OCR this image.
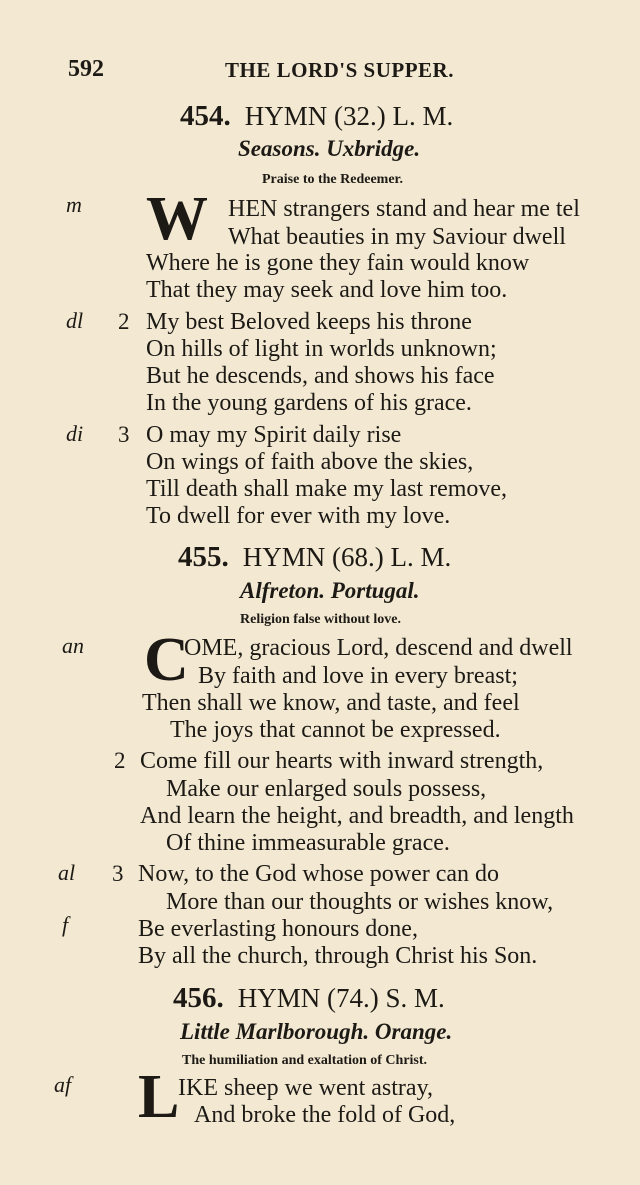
592	THE LORD'S SUPPER.
454. HYMN (32.) L. M.
Seasons. Uxbridge.
Praise to the Redeemer.
m W HEN strangers stand and hear me tel
What beauties in my Saviour dwell
Where he is gone they fain would know
That they may seek and love him too.
dl 2 My best Beloved keeps his throne
On hills of light in worlds unknown;
But he descends, and shows his face
In the young gardens of his grace.
di 3 O may my Spirit daily rise
On wings of faith above the skies,
Till death shall make my last remove,
To dwell for ever with my love.
455. HYMN (68.) L. M.
Alfreton. Portugal.
Religion false without love.
an C
OME, gracious Lord, descend and dwell
By faith and love in every breast;
Then shall we know, and taste, and feel
The joys that cannot be expressed.
2 Come fill our hearts with inward strength,
Make our enlarged souls possess,
And learn the height, and breadth, and length
Of thine immeasurable grace.
al 3 Now, to the God whose power can do
More than our thoughts or wishes know,
f	Be everlasting honours done,
By all the church, through Christ his Son.
456. HYMN (74.) S. M.
Little Marlborough. Orange.
The humiliation and exaltation of Christ.
af L
IKE sheep we went astray,
And broke the fold of God,
